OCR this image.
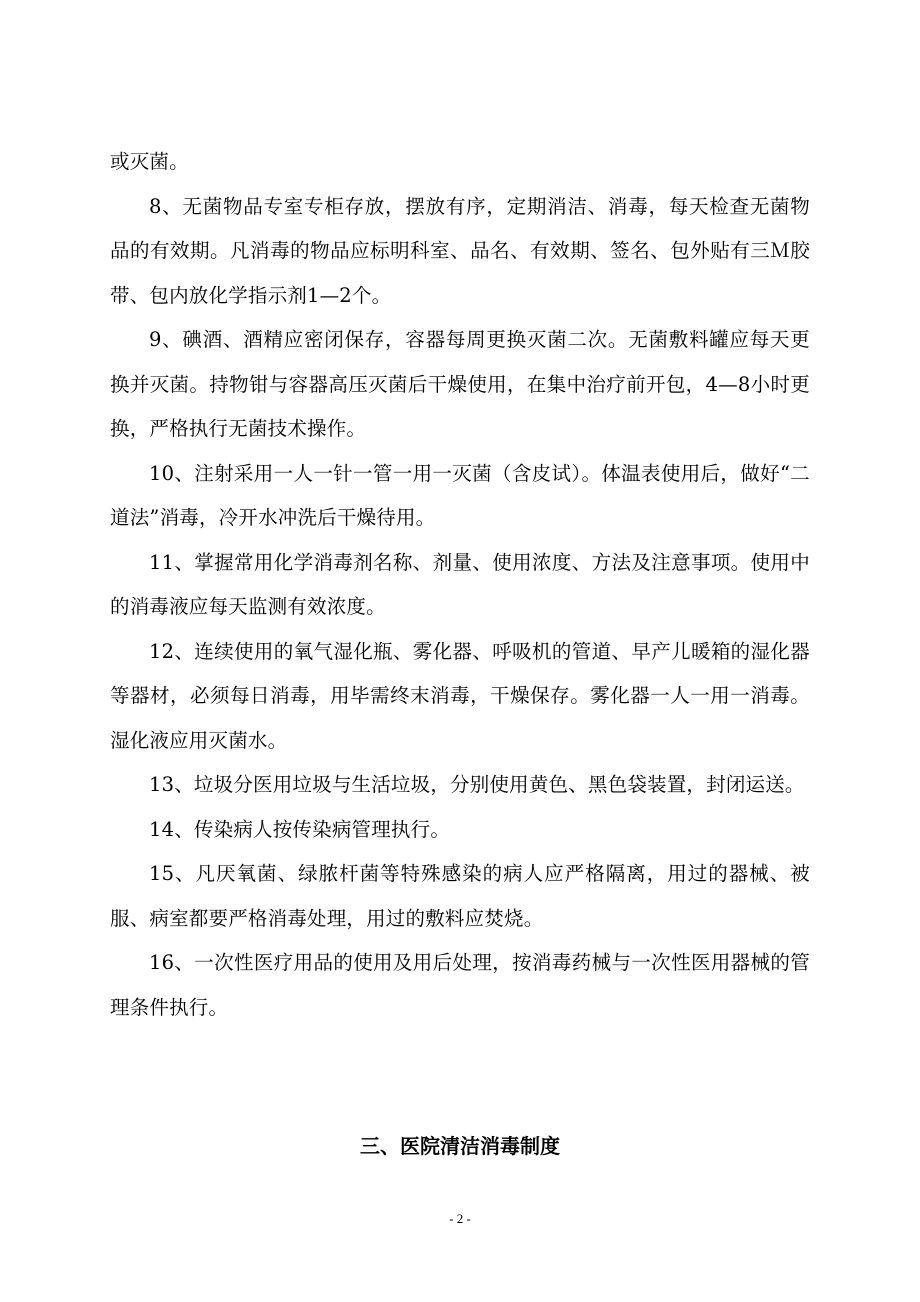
或灭菌。

8、无菌物品专室专柜存放，摆放有序，定期消洁、消毒，每天检查无菌物品的有效期。凡消毒的物品应标明科室、品名、有效期、签名、包外贴有三Ｍ胶带、包内放化学指示剂1—2个。

9、碘酒、酒精应密闭保存，容器每周更换灭菌二次。无菌敷料罐应每天更换并灭菌。持物钳与容器高压灭菌后干燥使用，在集中治疗前开包，4—8小时更换，严格执行无菌技术操作。

10、注射采用一人一针一管一用一灭菌（含皮试）。体温表使用后，做好“二道法”消毒，冷开水冲洗后干燥待用。

11、掌握常用化学消毒剂名称、剂量、使用浓度、方法及注意事项。使用中的消毒液应每天监测有效浓度。

12、连续使用的氧气湿化瓶、雾化器、呼吸机的管道、早产儿暖箱的湿化器等器材，必须每日消毒，用毕需终末消毒，干燥保存。雾化器一人一用一消毒。湿化液应用灭菌水。

13、垃圾分医用垃圾与生活垃圾，分别使用黄色、黑色袋装置，封闭运送。

14、传染病人按传染病管理执行。

15、凡厌氧菌、绿脓杆菌等特殊感染的病人应严格隔离，用过的器械、被服、病室都要严格消毒处理，用过的敷料应焚烧。

16、一次性医疗用品的使用及用后处理，按消毒药械与一次性医用器械的管理条件执行。

三、医院清洁消毒制度
- 2 -
